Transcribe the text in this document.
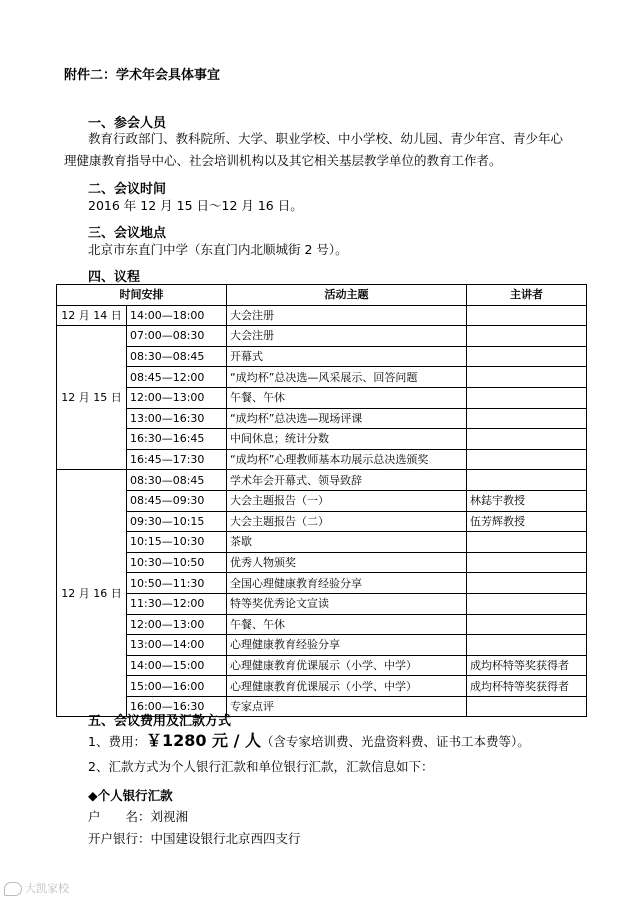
附件二：学术年会具体事宜
一、参会人员
教育行政部门、教科院所、大学、职业学校、中小学校、幼儿园、青少年宫、青少年心
理健康教育指导中心、社会培训机构以及其它相关基层教学单位的教育工作者。
二、会议时间
2016 年 12 月 15 日～12 月 16 日。
三、会议地点
北京市东直门中学（东直门内北顺城街 2 号）。
四、议程
时间安排		活动主题	主讲者
12 月 14 日	14:00—18:00	大会注册	
12 月 15 日	07:00—08:30	大会注册	
	08:30—08:45	开幕式	
	08:45—12:00	“成均杯”总决选—风采展示、回答问题	
	12:00—13:00	午餐、午休	
	13:00—16:30	“成均杯”总决选—现场评课	
	16:30—16:45	中间休息；统计分数	
	16:45—17:30	“成均杯”心理教师基本功展示总决选颁奖	
12 月 16 日	08:30—08:45	学术年会开幕式、领导致辞	
	08:45—09:30	大会主题报告（一）	林鋕宇教授
	09:30—10:15	大会主题报告（二）	伍芳辉教授
	10:15—10:30	茶歇	
	10:30—10:50	优秀人物颁奖	
	10:50—11:30	全国心理健康教育经验分享	
	11:30—12:00	特等奖优秀论文宣读	
	12:00—13:00	午餐、午休	
	13:00—14:00	心理健康教育经验分享	
	14:00—15:00	心理健康教育优课展示（小学、中学）	成均杯特等奖获得者
	15:00—16:00	心理健康教育优课展示（小学、中学）	成均杯特等奖获得者
	16:00—16:30	专家点评	
五、会议费用及汇款方式
1、费用：￥1280 元 / 人（含专家培训费、光盘资料费、证书工本费等）。
2、汇款方式为个人银行汇款和单位银行汇款，汇款信息如下：
◆个人银行汇款
户　　名：刘视湘
开户银行：中国建设银行北京西四支行
大凯家校
